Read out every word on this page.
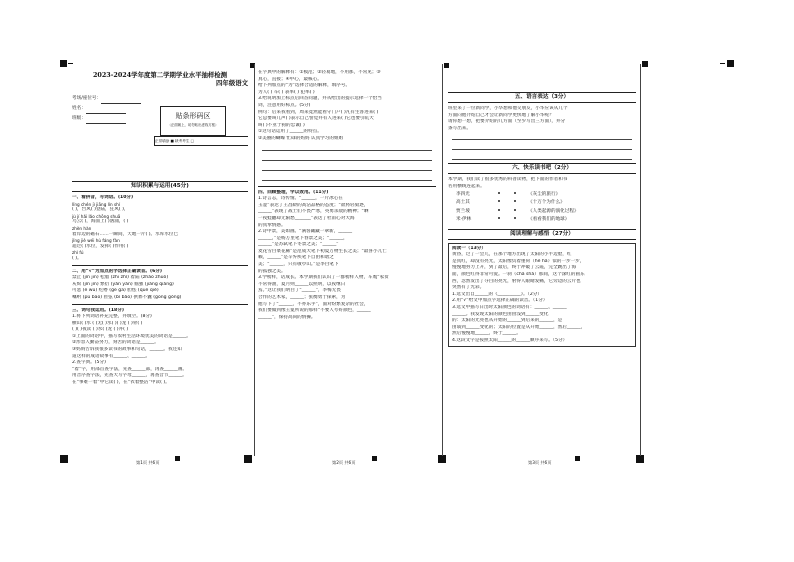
2023-2024学年度第二学期学业水平抽样检测
四年级语文
考场/座位号：
姓名：
班级：	贴条形码区
（正面朝上，切勿贴出虚线方框）
正常填涂 ■ 缺考考生 □
知识积累与运用(45分)
一、看拼音，写词语。(10分)
lǐng chén jì jiāng lín shí
( )，台风( )登陆，狂风( )，
jù jí hǎi lǎo chōng shuā
乌云( )，海面上( )汹涌，( )
zhèn hàn
着岸边的礁石……一瞬间，天地一片( )。水库水位已
jǐng jiè wéi hù fáng fàn
超过( )水位，发挥( )作用( )
zhì fú
( )。
二、用“√”为加点的字选择正确读音。(6分)
禁止 (jìn jīn) 松脂 (zhī zhǐ) 着陆 (zháo zhuó)
灰烬 (jǐn jìn) 繁衍 (yǎn yán) 倔强 (jiàng qiáng)
可恶 (è wù) 疙瘩 (gē gā) 胆怯 (què qiè)
嘱咐 (pù bāo) 匝弦 (bí bǎo) 供葬不囊 (gōng gòng)
三、词句我运用。(18分)
1.将下列词语补充完整，并填空。(8分)
横山( )水 ( )无( )水( )( )龙 ( )骨( )
( )( )夜读 ( )水( )龙 ( )并( )
①上面的词语中，描写农村生活环境优美的词语是______。
②形容人勤奋努力，刻苦的词语是______。
③妈妈告诉我很多读书的故事和句话，______。我还知
道这样的成语故事有______、______。
2.查字典。(5分)
“着”字，用部首查字法，先查______部，再查______画。
用音序查字法，先查大写字母______，再查音节______。
在“事难一着”中它读( )，在“衣着整洁”中读( )。
在字典中的解释有：①模范；②轻易地，不用那，不常见；③
真心，直接；④中心，最核心。
给下列加点的“为”选择合适的解释，填序号。
为人( ) 车( ) 表率( ) 犯率( )
3.给说明加上标点后回答问题，并从给出的提示选择一个恰当
词，注意用好标点。(5分)
例句：后来我看到，周来竟然能看守门户( )凡有生客进来( )
它总要叫几声( )表示自己警觉并有人进来( )它也要引吭大
叫( )不亚于狗的忠诚( )
①这句话运用了______的特点。
②美丽的蝴蝶 忙碌的妈妈 认真学习的姐姐
四、回顾整理，学以致用。(11分)
1.诗言志，诗传情。“______，一片冰心在
玉壶”表达了王昌龄的高洁品格的态度；“欲将轻骑逐，
______”表现了战士们不畏严寒，英勇杀敌的精神；“晒
一夜蛙翻却无限愁_______”表达了杜甫心对大海
的真挚情感。
2.诗中景，美如画。“满客藏藏一翠新，______
______，”是杨万里笔下春景之美；“______，
______”是苏轼笔下冬景之美；“______”
麦花雪白菜花稀”是范成大笔下初夏万物生长之美；“最喜小儿亡
赖，______”是辛弃疾笔下自由和谐之
美；“______，只有敬亭山。”是李白笔下
的孤独之美。
3.学榜样，话成长。本学期我们认识了一群榜样人物，车胤“家贫
不常得油，夏月则______以照明，以夜继日
焉。”这让我们明白了“______”，李梅无畏
合作的艺术家，______；张衡勇于探索，为
他写下了“______，不亦乐乎”，面对纷繁复杂的社会，
我们要做到像王冕所说的那样“不要人夸好颜色，______
______”，保持高尚的情操。
五、语言表达（3分）
班里来了一位新同学，小华想和他交朋友，小华应该从几个
方面向他介绍自己才会让新同学更快地了解小华呢？
请你想一想，把要介绍的几方面（至少写出三方面），并分
条写出来。
六、快乐读书吧（2分）
本学期，我们读了很多优秀的科普读物，把下面的作者和书
名用横线连起来。
李四光	《灰尘的旅行》
高士其	《十万个为什么》
贾兰坡	《人类起源的演化过程》
米·伊林	《看看我们的地球》
阅读理解与感悟（27分）
阅读一（13分）
黄昏，过了一会儿，在那个地方出现了太阳的小半边脸，红
是真红，却没有亮光，太阳像负着重荷（hè hà）似的一步一步，
慢慢地努力上升，到了最后，终于冲破了云霞，完全跳出了海
面，颜色红得非常可爱。一刹（chà shà）那间，这个深红的圆东
西，忽然发出了夺目的亮光，射得人眼睛发痛，它旁边的云片也
突然有了光彩。
1.选文出自______的《__________》。（2分）
2.用“√”给文中加点字选择正确的读音。（1分）
3.选文中描写日出时太阳颜色的词语有：______、______
______。我发现太阳的颜色由由浅到______变化
的：太阳的光亮也从开始的______到后来的______，是
由弱到______变化的；太阳的位置是从开始______，然后______，
然后慢慢地______，终于______。
4.这段文字是按照太阳______的______顺序来写。（5分）
第1页 共6页	第2页 共6页	第3页 共6页
